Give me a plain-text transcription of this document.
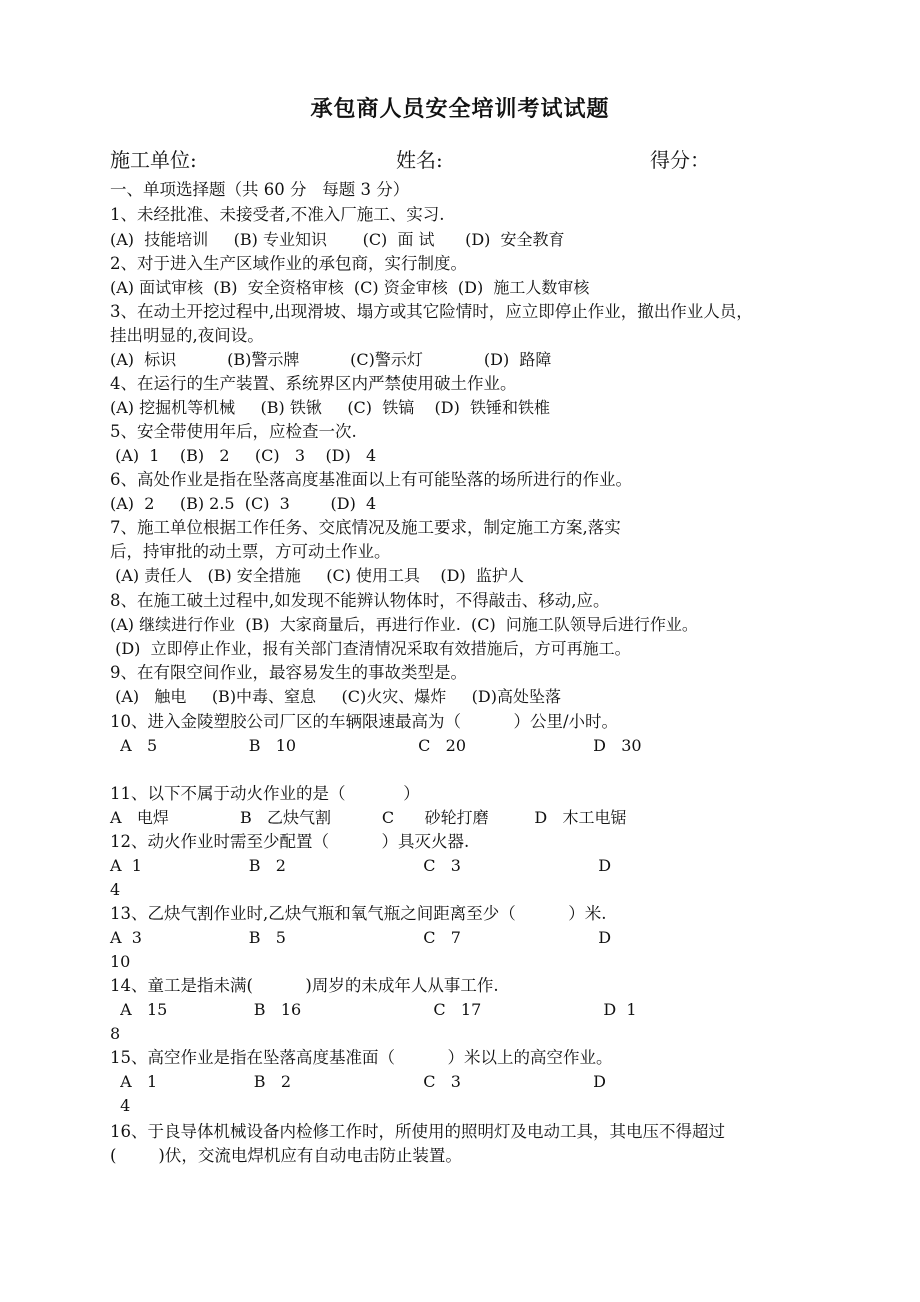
承包商人员安全培训考试试题
施工单位:	姓名:	得分：
一、单项选择题（共 60 分   每题 3 分）
1、未经批准、未接受者,不准入厂施工、实习.
(A)  技能培训     (B) 专业知识       (C)  面 试      (D)  安全教育
2、对于进入生产区域作业的承包商，实行制度。
(A) 面试审核  (B)  安全资格审核  (C) 资金审核  (D)  施工人数审核
3、在动土开挖过程中,出现滑坡、塌方或其它险情时，应立即停止作业，撤出作业人员，
挂出明显的,夜间设。
(A)  标识          (B)警示牌          (C)警示灯            (D)  路障
4、在运行的生产装置、系统界区内严禁使用破土作业。
(A) 挖掘机等机械     (B) 铁锹     (C)  铁镐    (D)  铁锤和铁椎
5、安全带使用年后，应检查一次.
(A)  1    (B)   2     (C)   3    (D)   4
6、高处作业是指在坠落高度基准面以上有可能坠落的场所进行的作业。
(A)  2     (B) 2.5  (C)  3        (D)  4
7、施工单位根据工作任务、交底情况及施工要求，制定施工方案,落实
后，持审批的动土票，方可动土作业。
(A) 责任人   (B) 安全措施     (C) 使用工具    (D)  监护人
8、在施工破土过程中,如发现不能辨认物体时，不得敲击、移动,应。
(A) 继续进行作业  (B)  大家商量后，再进行作业.  (C)  问施工队领导后进行作业。
(D)  立即停止作业，报有关部门查清情况采取有效措施后，方可再施工。
9、在有限空间作业，最容易发生的事故类型是。
(A)   触电     (B)中毒、窒息     (C)火灾、爆炸     (D)高处坠落
10、进入金陵塑胶公司厂区的车辆限速最高为（          ）公里/小时。
A   5                  B   10                        C   20                         D   30
11、以下不属于动火作业的是（           ）
A   电焊              B   乙炔气割          C      砂轮打磨         D   木工电锯
12、动火作业时需至少配置（          ）具灭火器.
A  1                     B   2                           C   3                           D
4
13、乙炔气割作业时,乙炔气瓶和氧气瓶之间距离至少（          ）米.
A  3                     B   5                           C   7                           D
10
14、童工是指未满(          )周岁的未成年人从事工作.
A   15                 B   16                          C   17                        D  1
8
15、高空作业是指在坠落高度基准面（          ）米以上的高空作业。
A   1                   B   2                          C   3                          D
4
16、于良导体机械设备内检修工作时，所使用的照明灯及电动工具，其电压不得超过
(        )伏，交流电焊机应有自动电击防止装置。
